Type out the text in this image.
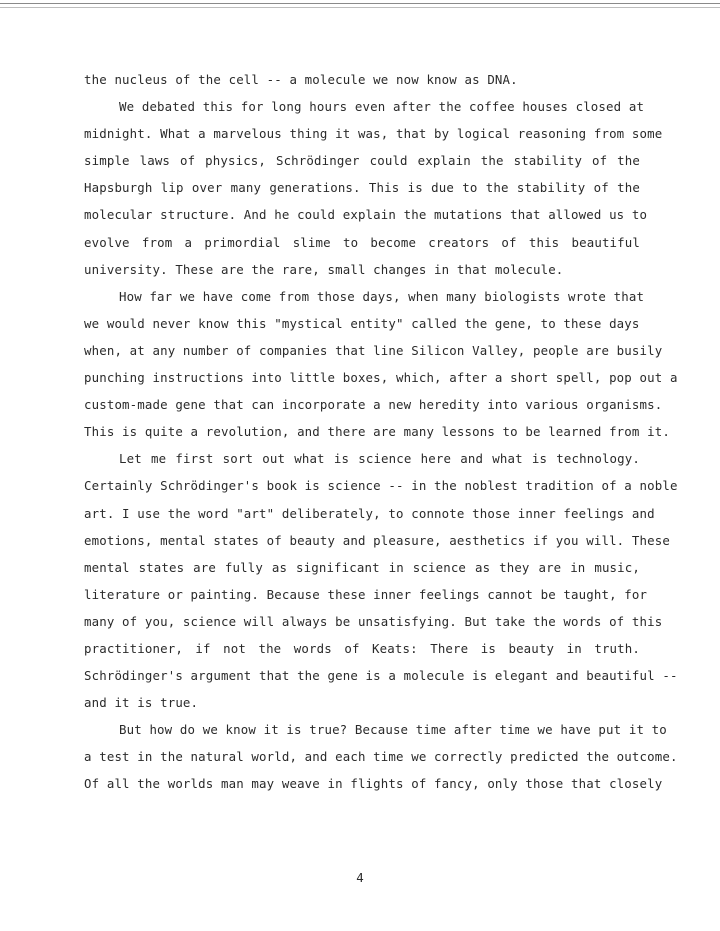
the nucleus of the cell -- a molecule we now know as DNA.
We debated this for long hours even after the coffee houses closed at
midnight. What a marvelous thing it was, that by logical reasoning from some
simple laws of physics, Schrödinger could explain the stability of the
Hapsburgh lip over many generations. This is due to the stability of the
molecular structure. And he could explain the mutations that allowed us to
evolve from a primordial slime to become creators of this beautiful
university. These are the rare, small changes in that molecule.
How far we have come from those days, when many biologists wrote that
we would never know this "mystical entity" called the gene, to these days
when, at any number of companies that line Silicon Valley, people are busily
punching instructions into little boxes, which, after a short spell, pop out a
custom-made gene that can incorporate a new heredity into various organisms.
This is quite a revolution, and there are many lessons to be learned from it.
Let me first sort out what is science here and what is technology.
Certainly Schrödinger's book is science -- in the noblest tradition of a noble
art. I use the word "art" deliberately, to connote those inner feelings and
emotions, mental states of beauty and pleasure, aesthetics if you will. These
mental states are fully as significant in science as they are in music,
literature or painting. Because these inner feelings cannot be taught, for
many of you, science will always be unsatisfying. But take the words of this
practitioner, if not the words of Keats: There is beauty in truth.
Schrödinger's argument that the gene is a molecule is elegant and beautiful --
and it is true.
But how do we know it is true? Because time after time we have put it to
a test in the natural world, and each time we correctly predicted the outcome.
Of all the worlds man may weave in flights of fancy, only those that closely
4
